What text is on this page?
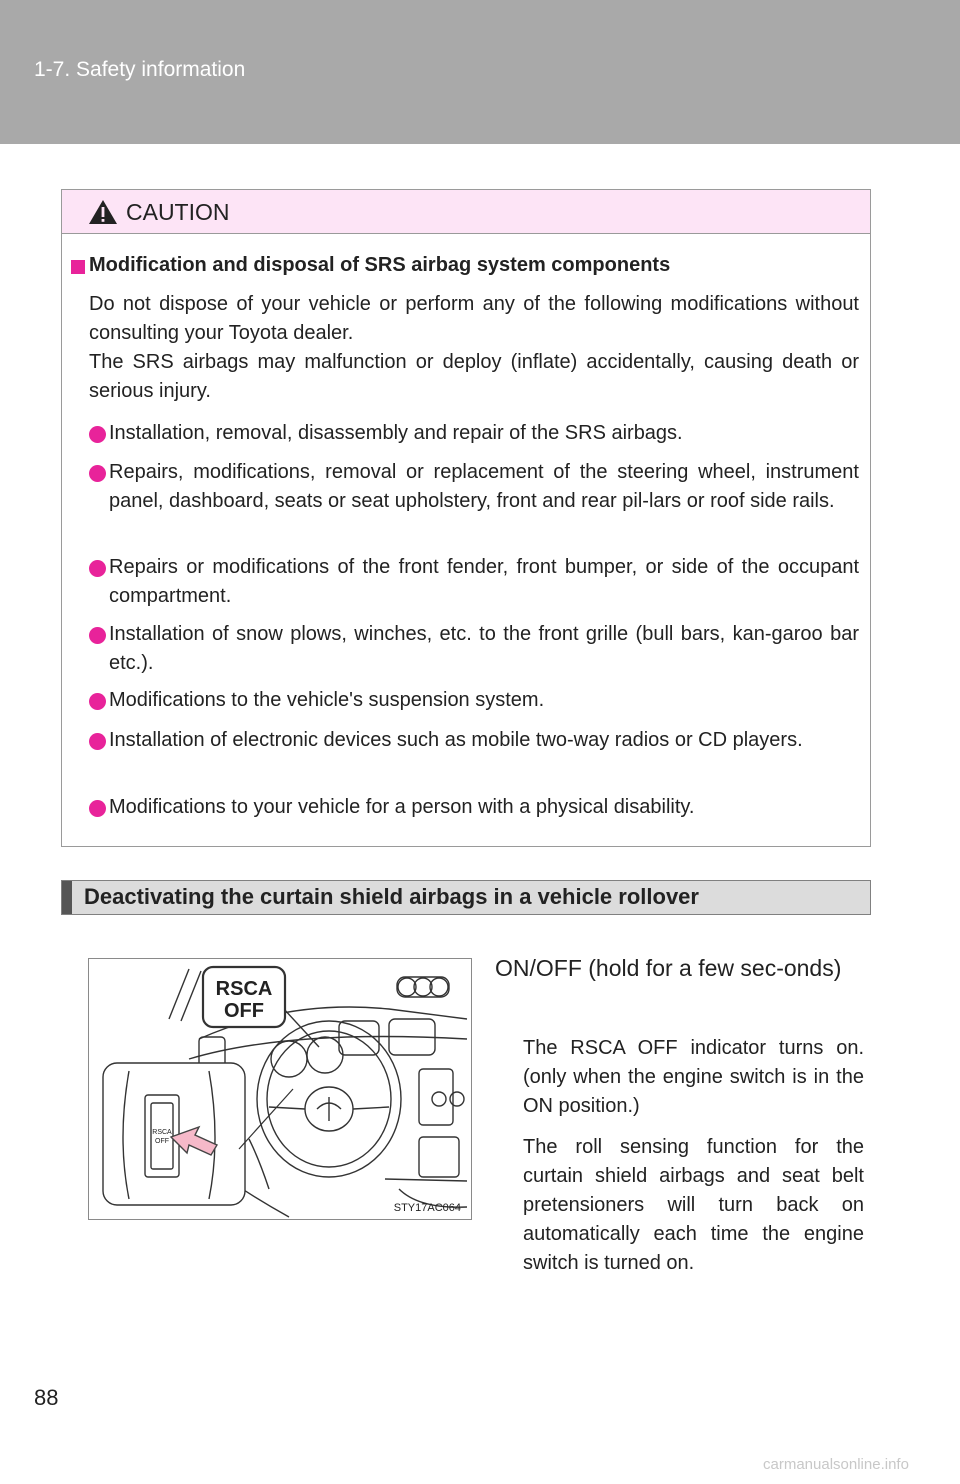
1-7. Safety information
CAUTION
Modification and disposal of SRS airbag system components
Do not dispose of your vehicle or perform any of the following modifications without consulting your Toyota dealer.
The SRS airbags may malfunction or deploy (inflate) accidentally, causing death or serious injury.
Installation, removal, disassembly and repair of the SRS airbags.
Repairs, modifications, removal or replacement of the steering wheel, instrument panel, dashboard, seats or seat upholstery, front and rear pil-lars or roof side rails.
Repairs or modifications of the front fender, front bumper, or side of the occupant compartment.
Installation of snow plows, winches, etc. to the front grille (bull bars, kan-garoo bar etc.).
Modifications to the vehicle's suspension system.
Installation of electronic devices such as mobile two-way radios or CD players.
Modifications to your vehicle for a person with a physical disability.
Deactivating the curtain shield airbags in a vehicle rollover
RSCA
OFF
RSCA
OFF
STY17AC064
ON/OFF (hold for a few sec-onds)
The RSCA OFF indicator turns on. (only when the engine switch is in the ON position.)
The roll sensing function for the curtain shield airbags and seat belt pretensioners will turn back on automatically each time the engine switch is turned on.
88
carmanualsonline.info
